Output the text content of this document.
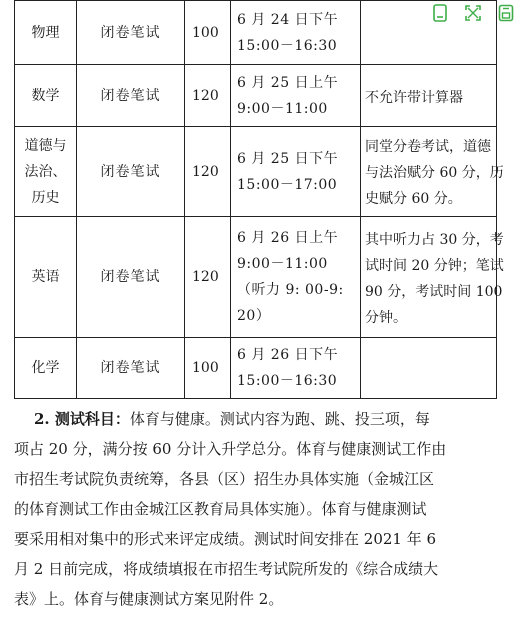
物理	闭卷笔试	100	6 月 24 日下午
15:00－16:30	

数学	闭卷笔试	120	6 月 25 日上午
9:00－11:00	不允许带计算器

道德与
法治、
历史	闭卷笔试	120	6 月 25 日下午
15:00－17:00	同堂分卷考试，道德
与法治赋分 60 分，历
史赋分 60 分。

英语	闭卷笔试	120	6 月 26 日上午
9:00－11:00
（听力 9: 00-9:
20）	其中听力占 30 分，考
试时间 20 分钟；笔试
90 分，考试时间 100
分钟。

化学	闭卷笔试	100	6 月 26 日下午
15:00－16:30	

2. 测试科目：体育与健康。测试内容为跑、跳、投三项，每
项占 20 分，满分按 60 分计入升学总分。体育与健康测试工作由
市招生考试院负责统筹，各县（区）招生办具体实施（金城江区
的体育测试工作由金城江区教育局具体实施）。体育与健康测试
要采用相对集中的形式来评定成绩。测试时间安排在 2021 年 6
月 2 日前完成，将成绩填报在市招生考试院所发的《综合成绩大
表》上。体育与健康测试方案见附件 2。
